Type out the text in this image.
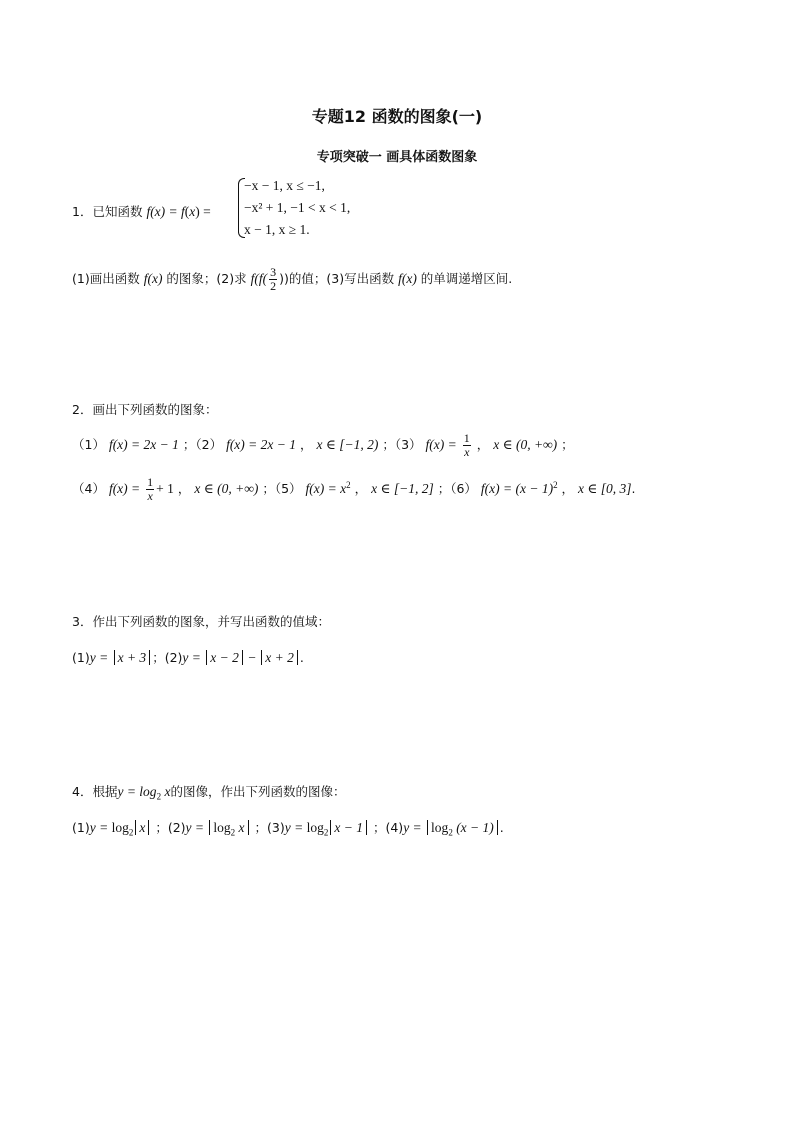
专题12 函数的图象(一)
专项突破一 画具体函数图象
1．已知函数 f(x) = f(x) =
−x − 1, x ≤ −1,
−x² + 1, −1 < x < 1,
x − 1, x ≥ 1.
(1)画出函数 f(x) 的图象；(2)求 $f(f( \frac{3}{2}$ ))的值；(3)写出函数 f(x) 的单调递增区间.
2．画出下列函数的图象：
（1） f(x) = 2x − 1 ；（2） f(x) = 2x − 1 ， x ∈ [−1, 2) ；（3） $f(x) = \frac{1}{x}$ ， x ∈ (0, +∞) ；
（4） $f(x) = \frac{1}{x} + 1$ ， x ∈ (0, +∞) ；（5） $f(x) = x^2$ ， x ∈ [−1, 2] ；（6） $f(x) = (x - 1)^2$ ， x ∈ [0, 3].
3．作出下列函数的图象，并写出函数的值域：
(1)y = x + 3 ；(2)y = x − 2 − x + 2 .
4．根据$y = \log_2 x$的图像，作出下列函数的图像：
$(1)y = \log_2 x$ ；$(2)y = \log_2 x$ ；$(3)y = \log_2 x - 1$ ；$(4)y = \log_2 (x - 1)$ .
